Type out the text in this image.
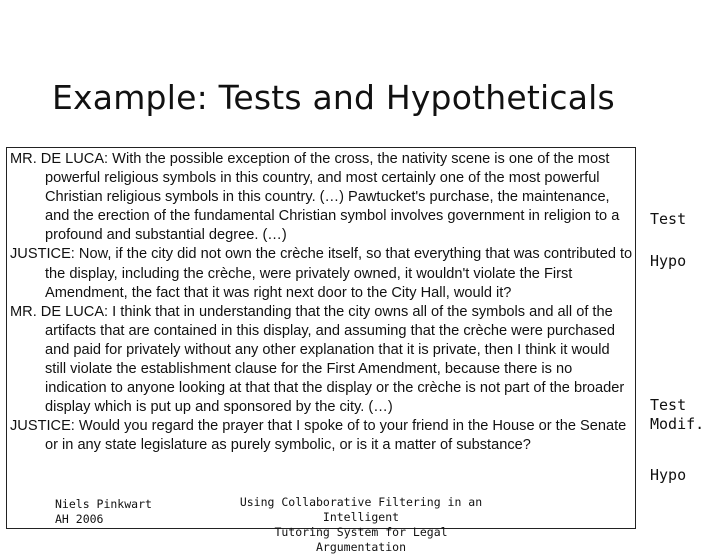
Example: Tests and Hypotheticals

MR. DE LUCA: With the possible exception of the cross, the nativity scene is one of the most powerful religious symbols in this country, and most certainly one of the most powerful Christian religious symbols in this country. (…) Pawtucket's purchase, the maintenance, and the erection of the fundamental Christian symbol involves government in religion to a profound and substantial degree. (…)

JUSTICE: Now, if the city did not own the crèche itself, so that everything that was contributed to the display, including the crèche, were privately owned, it wouldn't violate the First Amendment, the fact that it was right next door to the City Hall, would it?

MR. DE LUCA: I think that in understanding that the city owns all of the symbols and all of the artifacts that are contained in this display, and assuming that the crèche were purchased and paid for privately without any other explanation that it is private, then I think it would still violate the establishment clause for the First Amendment, because there is no indication to anyone looking at that that the display or the crèche is not part of the broader display which is put up and sponsored by the city. (…)

JUSTICE: Would you regard the prayer that I spoke of to your friend in the House or the Senate or in any state legislature as purely symbolic, or is it a matter of substance?

Niels Pinkwart
AH 2006
Using Collaborative Filtering in an Intelligent
Tutoring System for Legal Argumentation
Test
Hypo
Test
Modif.
Hypo
